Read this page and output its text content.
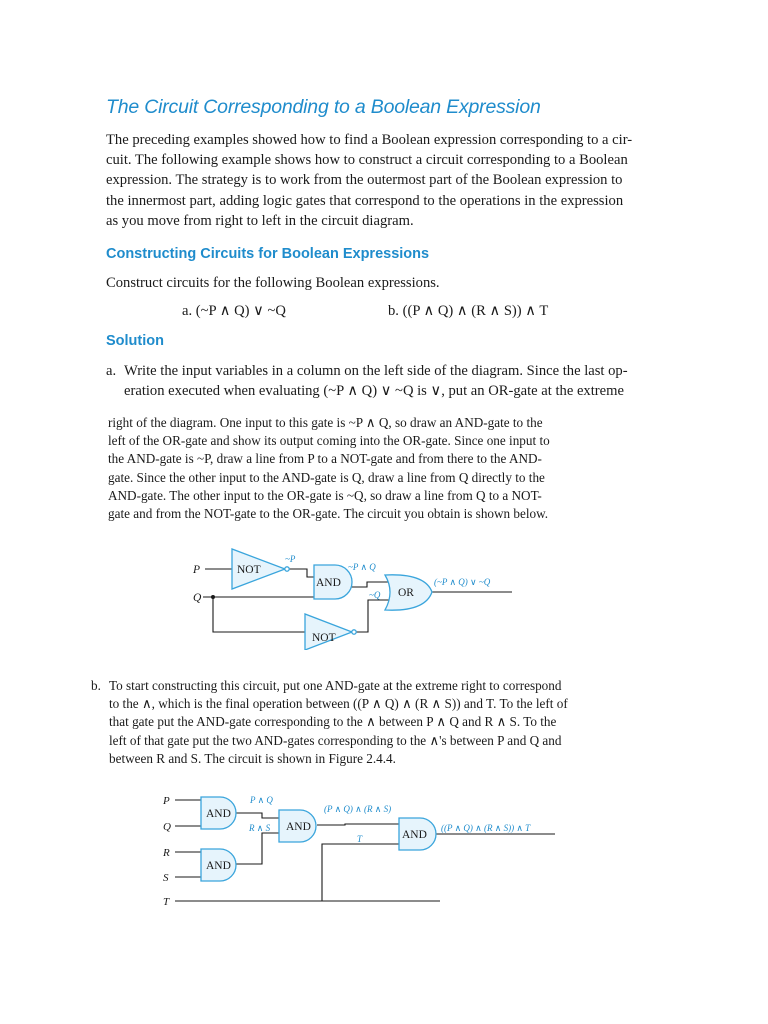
The Circuit Corresponding to a Boolean Expression
The preceding examples showed how to find a Boolean expression corresponding to a cir-
cuit. The following example shows how to construct a circuit corresponding to a Boolean
expression. The strategy is to work from the outermost part of the Boolean expression to
the innermost part, adding logic gates that correspond to the operations in the expression
as you move from right to left in the circuit diagram.
Constructing Circuits for Boolean Expressions
Construct circuits for the following Boolean expressions.
a. (~P ∧ Q) ∨ ~Q	b. ((P ∧ Q) ∧ (R ∧ S)) ∧ T
Solution
a. Write the input variables in a column on the left side of the diagram. Since the last op-
eration executed when evaluating (~P ∧ Q) ∨ ~Q is ∨, put an OR-gate at the extreme
right of the diagram. One input to this gate is ~P ∧ Q, so draw an AND-gate to the
left of the OR-gate and show its output coming into the OR-gate. Since one input to
the AND-gate is ~P, draw a line from P to a NOT-gate and from there to the AND-
gate. Since the other input to the AND-gate is Q, draw a line from Q directly to the
AND-gate. The other input to the OR-gate is ~Q, so draw a line from Q to a NOT-
gate and from the NOT-gate to the OR-gate. The circuit you obtain is shown below.
P
Q
NOT
NOT
AND
OR
~P
~P ∧ Q
~Q
(~P ∧ Q) ∨ ~Q
b. To start constructing this circuit, put one AND-gate at the extreme right to correspond
to the ∧, which is the final operation between ((P ∧ Q) ∧ (R ∧ S)) and T. To the left of
that gate put the AND-gate corresponding to the ∧ between P ∧ Q and R ∧ S. To the
left of that gate put the two AND-gates corresponding to the ∧'s between P and Q and
between R and S. The circuit is shown in Figure 2.4.4.
P
Q
R
S
T
AND
AND
AND
AND
P ∧ Q
R ∧ S
(P ∧ Q) ∧ (R ∧ S)
T
((P ∧ Q) ∧ (R ∧ S)) ∧ T
